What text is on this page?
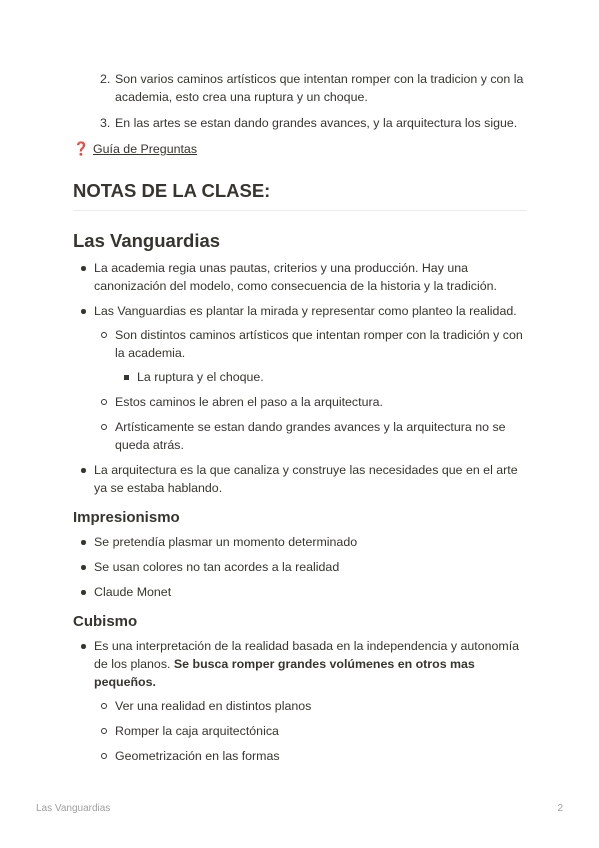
2. Son varios caminos artísticos que intentan romper con la tradicion y con la academia, esto crea una ruptura y un choque.
3. En las artes se estan dando grandes avances, y la arquitectura los sigue.
❓ Guía de Preguntas
NOTAS DE LA CLASE:
Las Vanguardias
La academia regia unas pautas, criterios y una producción. Hay una canonización del modelo, como consecuencia de la historia y la tradición.
Las Vanguardias es plantar la mirada y representar como planteo la realidad.
Son distintos caminos artísticos que intentan romper con la tradición y con la academia.
La ruptura y el choque.
Estos caminos le abren el paso a la arquitectura.
Artísticamente se estan dando grandes avances y la arquitectura no se queda atrás.
La arquitectura es la que canaliza y construye las necesidades que en el arte ya se estaba hablando.
Impresionismo
Se pretendía plasmar un momento determinado
Se usan colores no tan acordes a la realidad
Claude Monet
Cubismo
Es una interpretación de la realidad basada en la independencia y autonomía de los planos. Se busca romper grandes volúmenes en otros mas pequeños.
Ver una realidad en distintos planos
Romper la caja arquitectónica
Geometrización en las formas
Las Vanguardias	2
